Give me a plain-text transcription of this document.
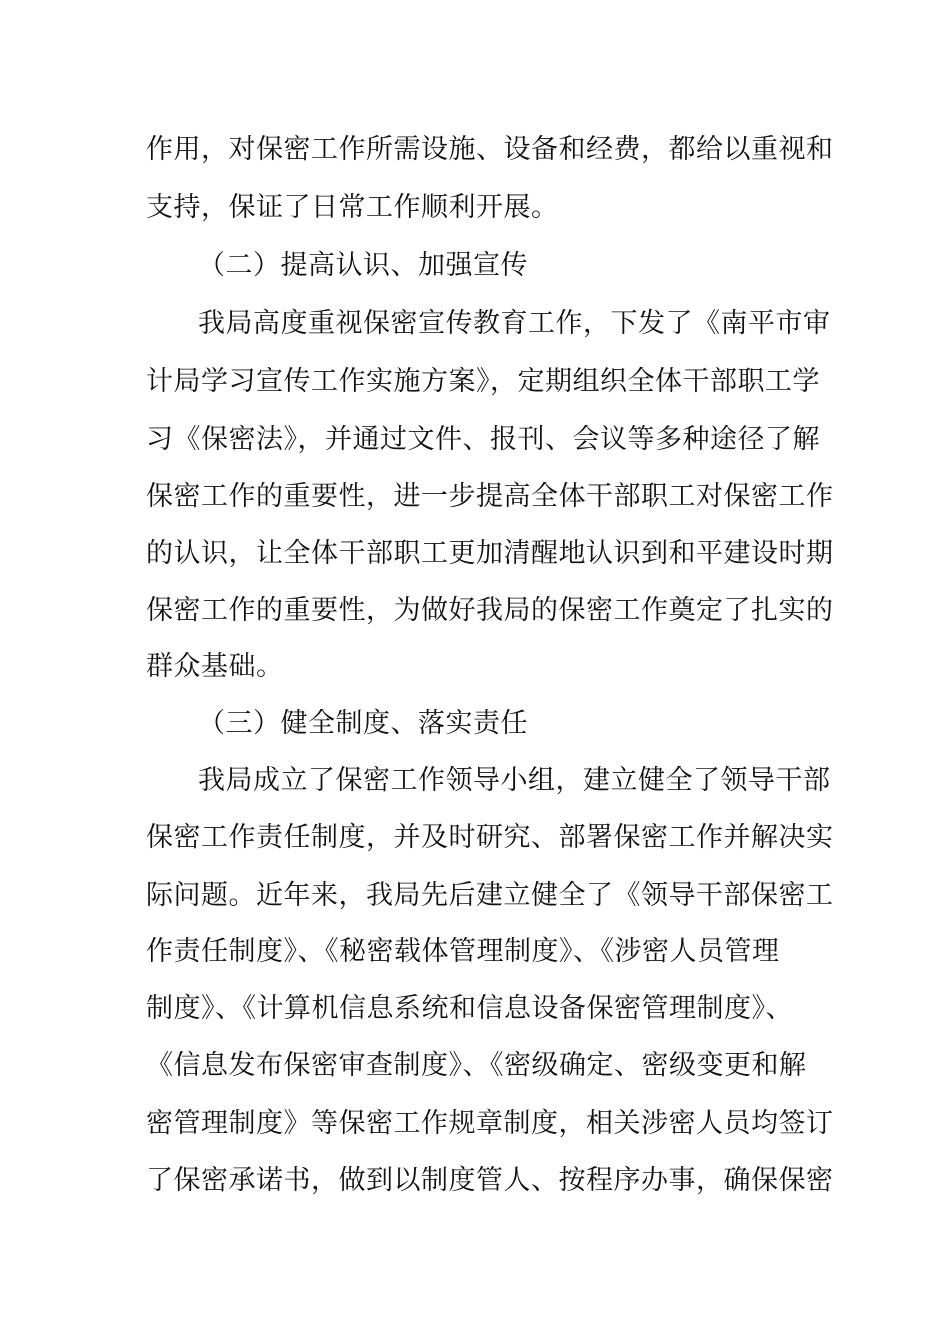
作用，对保密工作所需设施、设备和经费，都给以重视和
支持，保证了日常工作顺利开展。
（二）提高认识、加强宣传
我局高度重视保密宣传教育工作，下发了《南平市审
计局学习宣传工作实施方案》，定期组织全体干部职工学
习《保密法》，并通过文件、报刊、会议等多种途径了解
保密工作的重要性，进一步提高全体干部职工对保密工作
的认识，让全体干部职工更加清醒地认识到和平建设时期
保密工作的重要性，为做好我局的保密工作奠定了扎实的
群众基础。
（三）健全制度、落实责任
我局成立了保密工作领导小组，建立健全了领导干部
保密工作责任制度，并及时研究、部署保密工作并解决实
际问题。近年来，我局先后建立健全了《领导干部保密工
作责任制度》、《秘密载体管理制度》、《涉密人员管理
制度》、《计算机信息系统和信息设备保密管理制度》、
《信息发布保密审查制度》、《密级确定、密级变更和解
密管理制度》等保密工作规章制度，相关涉密人员均签订
了保密承诺书，做到以制度管人、按程序办事，确保保密
